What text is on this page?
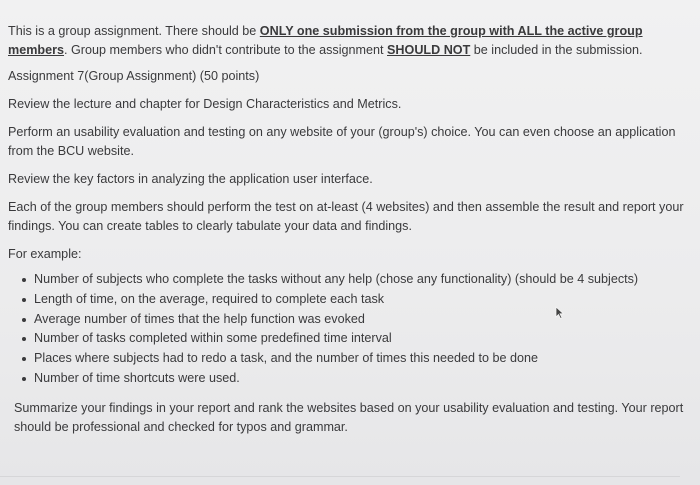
This is a group assignment. There should be ONLY one submission from the group with ALL the active group members. Group members who didn't contribute to the assignment SHOULD NOT be included in the submission.

Assignment 7(Group Assignment) (50 points)

Review the lecture and chapter for Design Characteristics and Metrics.

Perform an usability evaluation and testing on any website of your (group's) choice. You can even choose an application from the BCU website.

Review the key factors in analyzing the application user interface.

Each of the group members should perform the test on at-least (4 websites) and then assemble the result and report your findings. You can create tables to clearly tabulate your data and findings.

For example:

Number of subjects who complete the tasks without any help (chose any functionality) (should be 4 subjects)
Length of time, on the average, required to complete each task
Average number of times that the help function was evoked
Number of tasks completed within some predefined time interval
Places where subjects had to redo a task, and the number of times this needed to be done
Number of time shortcuts were used.

Summarize your findings in your report and rank the websites based on your usability evaluation and testing. Your report should be professional and checked for typos and grammar.
